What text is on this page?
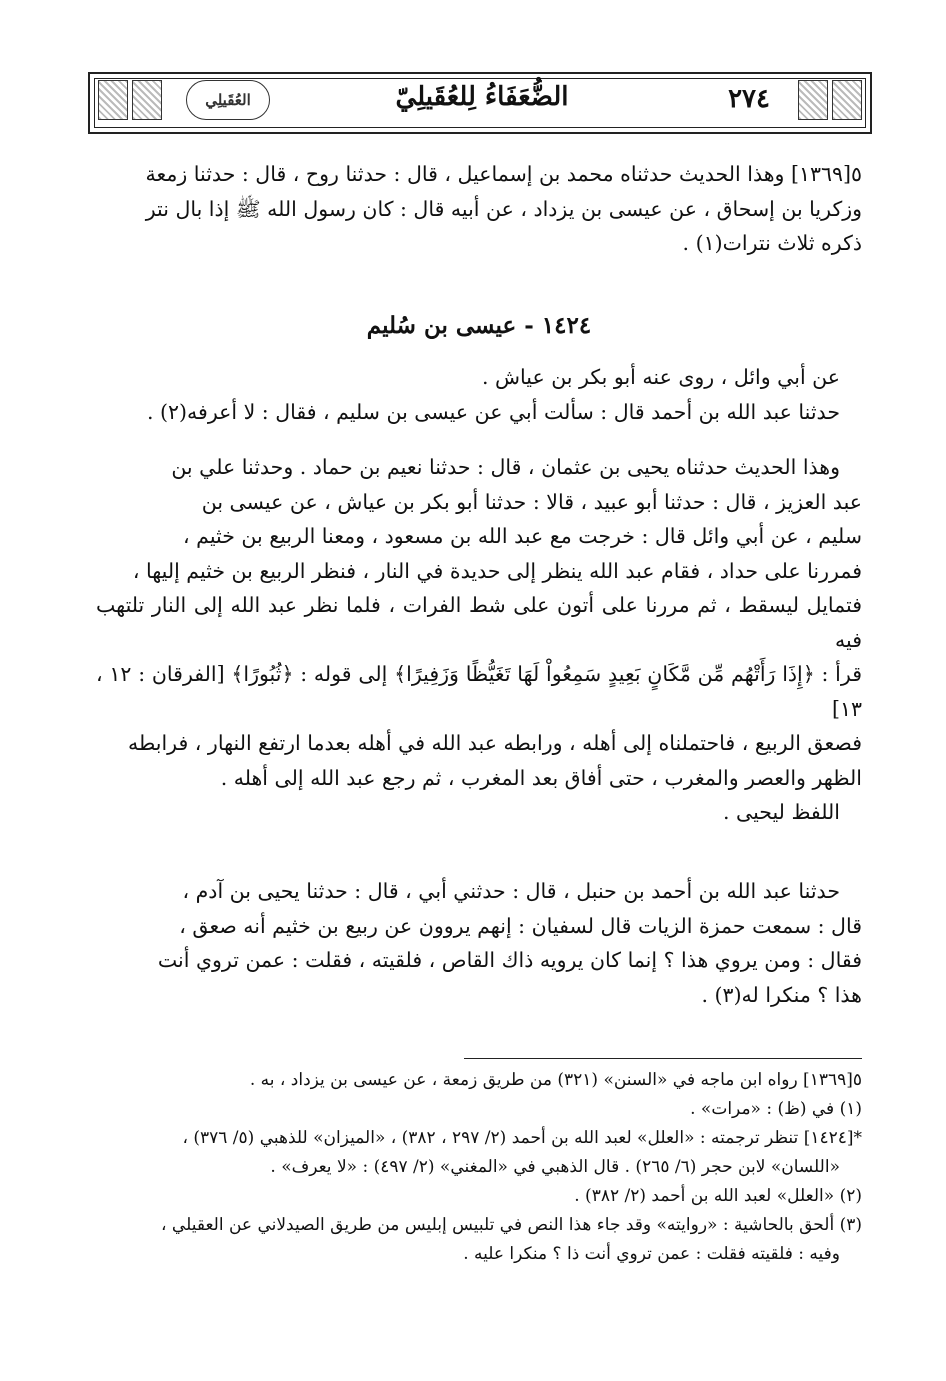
العُقَيلِي	الضُّعَفَاءُ لِلعُقَيلِيّ	٢٧٤

٥[١٣٦٩] وهذا الحديث حدثناه محمد بن إسماعيل ، قال : حدثنا روح ، قال : حدثنا زمعة

وزكريا بن إسحاق ، عن عيسى بن يزداد ، عن أبيه قال : كان رسول الله ﷺ إذا بال نتر

ذكره ثلاث نترات(١) .

١٤٢٤ - عيسى بن سُليم

عن أبي وائل ، روى عنه أبو بكر بن عياش .

حدثنا عبد الله بن أحمد قال : سألت أبي عن عيسى بن سليم ، فقال : لا أعرفه(٢) .

وهذا الحديث حدثناه يحيى بن عثمان ، قال : حدثنا نعيم بن حماد . وحدثنا علي بن

عبد العزيز ، قال : حدثنا أبو عبيد ، قالا : حدثنا أبو بكر بن عياش ، عن عيسى بن

سليم ، عن أبي وائل قال : خرجت مع عبد الله بن مسعود ، ومعنا الربيع بن خثيم ،

فمررنا على حداد ، فقام عبد الله ينظر إلى حديدة في النار ، فنظر الربيع بن خثيم إليها ،

فتمايل ليسقط ، ثم مررنا على أتون على شط الفرات ، فلما نظر عبد الله إلى النار تلتهب فيه

قرأ : ﴿إِذَا رَأَتْهُم مِّن مَّكَانٍ بَعِيدٍ سَمِعُواْ لَهَا تَغَيُّظًا وَزَفِيرًا﴾ إلى قوله : ﴿ثُبُورًا﴾ [الفرقان : ١٢ ، ١٣]

فصعق الربيع ، فاحتملناه إلى أهله ، ورابطه عبد الله في أهله بعدما ارتفع النهار ، فرابطه

الظهر والعصر والمغرب ، حتى أفاق بعد المغرب ، ثم رجع عبد الله إلى أهله .

اللفظ ليحيى .

حدثنا عبد الله بن أحمد بن حنبل ، قال : حدثني أبي ، قال : حدثنا يحيى بن آدم ،

قال : سمعت حمزة الزيات قال لسفيان : إنهم يروون عن ربيع بن خثيم أنه صعق ،

فقال : ومن يروي هذا ؟ إنما كان يرويه ذاك القاص ، فلقيته ، فقلت : عمن تروي أنت

هذا ؟ منكرا له(٣) .

٥[١٣٦٩] رواه ابن ماجه في «السنن» (٣٢١) من طريق زمعة ، عن عيسى بن يزداد ، به .

(١) في (ظ) : «مرات» .

*[١٤٢٤] تنظر ترجمته : «العلل» لعبد الله بن أحمد (٢/ ٢٩٧ ، ٣٨٢) ، «الميزان» للذهبي (٥/ ٣٧٦) ،

«اللسان» لابن حجر (٦/ ٢٦٥) . قال الذهبي في «المغني» (٢/ ٤٩٧) : «لا يعرف» .

(٢) «العلل» لعبد الله بن أحمد (٢/ ٣٨٢) .

(٣) ألحق بالحاشية : «روايته» وقد جاء هذا النص في تلبيس إبليس من طريق الصيدلاني عن العقيلي ،

وفيه : فلقيته فقلت : عمن تروي أنت ذا ؟ منكرا عليه .
